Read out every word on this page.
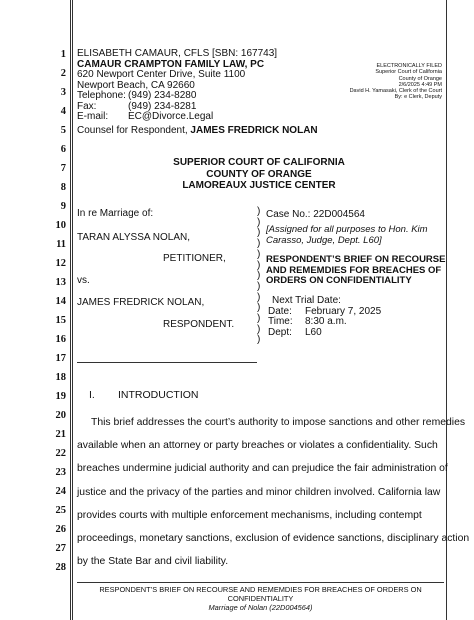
1
2
3
4
5
6
7
8
9
10
11
12
13
14
15
16
17
18
19
20
21
22
23
24
25
26
27
28
ELISABETH CAMAUR, CFLS [SBN: 167743]
CAMAUR CRAMPTON FAMILY LAW, PC
620 Newport Center Drive, Suite 1100
Newport Beach, CA 92660
Telephone: (949) 234-8280
Fax:	(949) 234-8281
E-mail:	EC@Divorce.Legal
ELECTRONICALLY FILED
Superior Court of California
County of Orange
2/6/2025 4:49 PM
David H. Yamasaki, Clerk of the Court
By: e Clerk, Deputy
Counsel for Respondent, JAMES FREDRICK NOLAN
SUPERIOR COURT OF CALIFORNIA
COUNTY OF ORANGE
LAMOREAUX JUSTICE CENTER
In re Marriage of:
TARAN ALYSSA NOLAN,
PETITIONER,
vs.
JAMES FREDRICK NOLAN,
RESPONDENT.
)
)
)
)
)
)
)
)
)
)
)
)
)
Case No.: 22D004564
[Assigned for all purposes to Hon. Kim Carasso, Judge, Dept. L60]
RESPONDENT’S BRIEF ON RECOURSE AND REMEMDIES FOR BREACHES OF ORDERS ON CONFIDENTIALITY
Next Trial Date:
Date:	February 7, 2025
Time:	8:30 a.m.
Dept:	L60
I. INTRODUCTION
This brief addresses the court’s authority to impose sanctions and other remedies
available when an attorney or party breaches or violates a confidentiality. Such
breaches undermine judicial authority and can prejudice the fair administration of
justice and the privacy of the parties and minor children involved. California law
provides courts with multiple enforcement mechanisms, including contempt
proceedings, monetary sanctions, exclusion of evidence sanctions, disciplinary action
by the State Bar and civil liability.
RESPONDENT’S BRIEF ON RECOURSE AND REMEMDIES FOR BREACHES OF ORDERS ON CONFIDENTIALITY
Marriage of Nolan (22D004564)
